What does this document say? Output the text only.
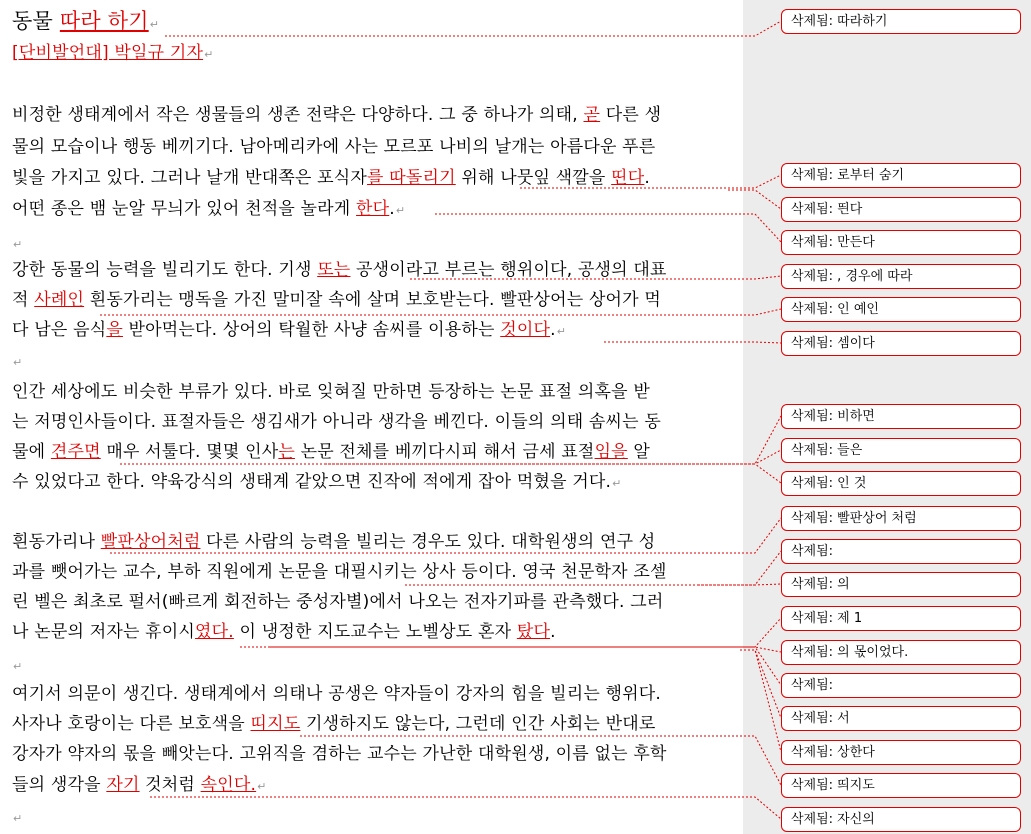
동물 따라 하기↵
[단비발언대] 박일규 기자↵
비정한 생태계에서 작은 생물들의 생존 전략은 다양하다. 그 중 하나가 의태, 곧 다른 생
물의 모습이나 행동 베끼기다. 남아메리카에 사는 모르포 나비의 날개는 아름다운 푸른
빛을 가지고 있다. 그러나 날개 반대쪽은 포식자를 따돌리기 위해 나뭇잎 색깔을 띤다.
어떤 종은 뱀 눈알 무늬가 있어 천적을 놀라게 한다.↵
↵
강한 동물의 능력을 빌리기도 한다. 기생 또는 공생이라고 부르는 행위이다, 공생의 대표
적 사례인 흰동가리는 맹독을 가진 말미잘 속에 살며 보호받는다. 빨판상어는 상어가 먹
다 남은 음식을 받아먹는다. 상어의 탁월한 사냥 솜씨를 이용하는 것이다.↵
↵
인간 세상에도 비슷한 부류가 있다. 바로 잊혀질 만하면 등장하는 논문 표절 의혹을 받
는 저명인사들이다. 표절자들은 생김새가 아니라 생각을 베낀다. 이들의 의태 솜씨는 동
물에 견주면 매우 서툴다. 몇몇 인사는 논문 전체를 베끼다시피 해서 금세 표절임을 알
수 있었다고 한다. 약육강식의 생태계 같았으면 진작에 적에게 잡아 먹혔을 거다.↵
흰동가리나 빨판상어처럼 다른 사람의 능력을 빌리는 경우도 있다. 대학원생의 연구 성
과를 뺏어가는 교수, 부하 직원에게 논문을 대필시키는 상사 등이다. 영국 천문학자 조셀
린 벨은 최초로 펄서(빠르게 회전하는 중성자별)에서 나오는 전자기파를 관측했다. 그러
나 논문의 저자는 휴이시였다. 이 냉정한 지도교수는 노벨상도 혼자 탔다.
↵
여기서 의문이 생긴다. 생태계에서 의태나 공생은 약자들이 강자의 힘을 빌리는 행위다.
사자나 호랑이는 다른 보호색을 띠지도 기생하지도 않는다, 그런데 인간 사회는 반대로
강자가 약자의 몫을 빼앗는다. 고위직을 겸하는 교수는 가난한 대학원생, 이름 없는 후학
들의 생각을 자기 것처럼 속인다.↵
↵
삭제됨: 따라하기
삭제됨: 로부터 숨기
삭제됨: 띈다
삭제됨: 만든다
삭제됨: , 경우에 따라
삭제됨: 인 예인
삭제됨: 셈이다
삭제됨: 비하면
삭제됨: 들은
삭제됨: 인 것
삭제됨: 빨판상어 처럼
삭제됨:
삭제됨: 의
삭제됨: 제 1
삭제됨: 의 몫이었다.
삭제됨:
삭제됨: 서
삭제됨: 상한다
삭제됨: 띄지도
삭제됨: 자신의
